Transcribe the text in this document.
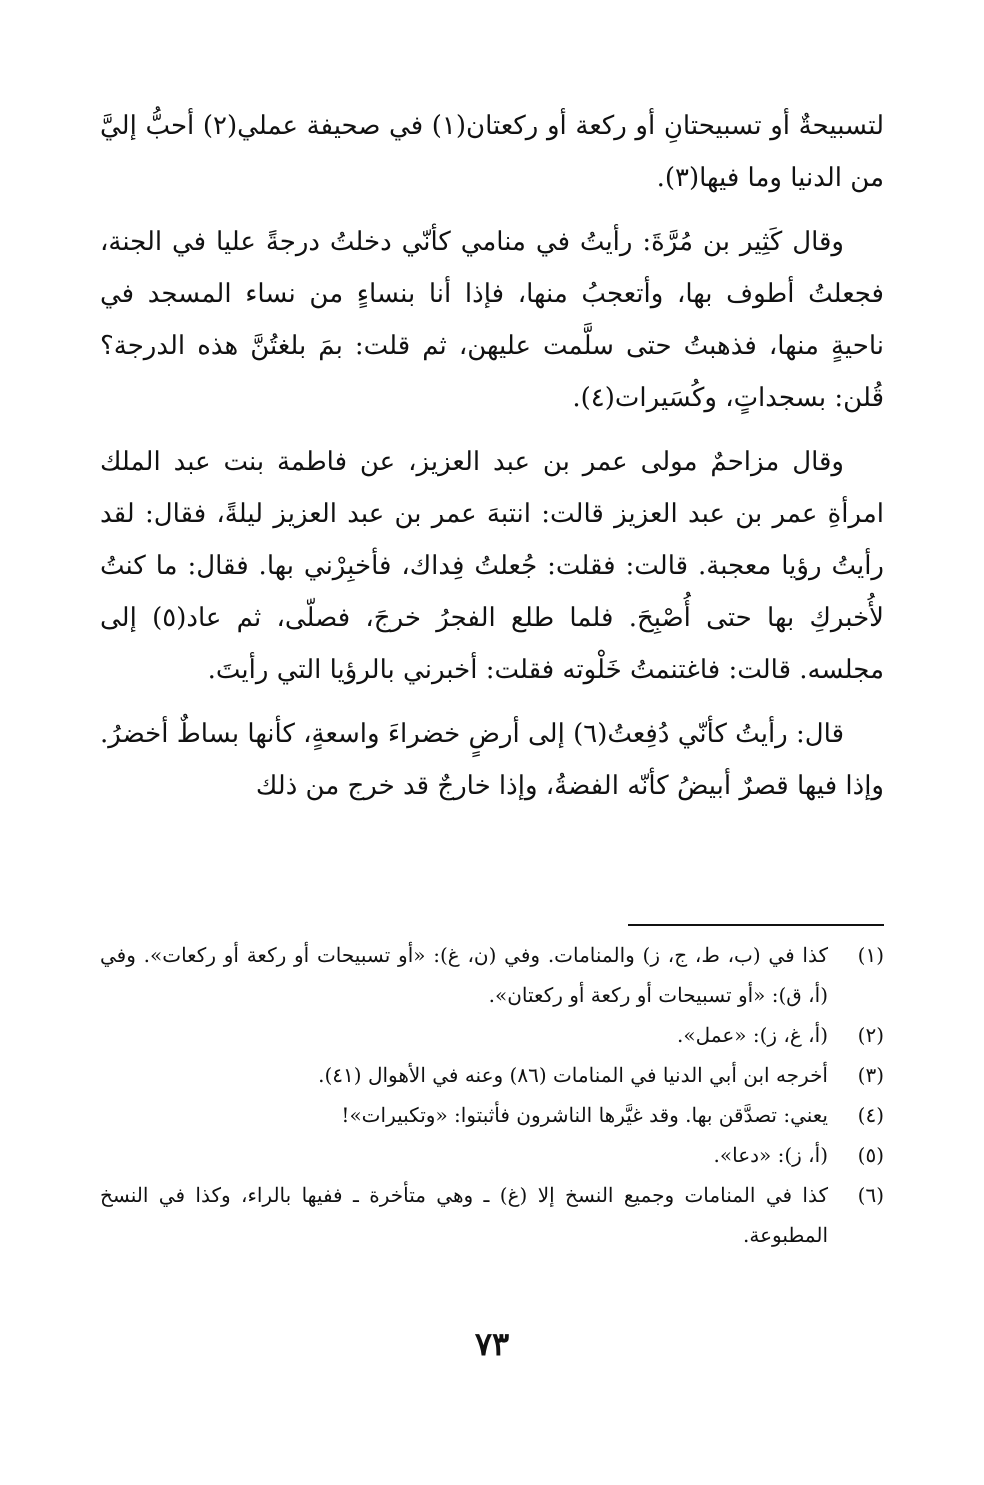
لتسبيحةٌ أو تسبيحتانِ أو ركعة أو ركعتان(١) في صحيفة عملي(٢) أحبُّ إليَّ من الدنيا وما فيها(٣).

وقال كَثِير بن مُرَّةَ: رأيتُ في منامي كأنّي دخلتُ درجةً عليا في الجنة، فجعلتُ أطوف بها، وأتعجبُ منها، فإذا أنا بنساءٍ من نساء المسجد في ناحيةٍ منها، فذهبتُ حتى سلَّمت عليهن، ثم قلت: بمَ بلغتُنَّ هذه الدرجة؟ قُلن: بسجداتٍ، وكُسَيرات(٤).

وقال مزاحمٌ مولى عمر بن عبد العزيز، عن فاطمة بنت عبد الملك امرأةِ عمر بن عبد العزيز قالت: انتبهَ عمر بن عبد العزيز ليلةً، فقال: لقد رأيتُ رؤيا معجبة. قالت: فقلت: جُعلتُ فِداك، فأخبِرْني بها. فقال: ما كنتُ لأُخبركِ بها حتى أُصْبِحَ. فلما طلع الفجرُ خرجَ، فصلّى، ثم عاد(٥) إلى مجلسه. قالت: فاغتنمتُ خَلْوته فقلت: أخبرني بالرؤيا التي رأيتَ.

قال: رأيتُ كأنّي دُفِعتُ(٦) إلى أرضٍ خضراءَ واسعةٍ، كأنها بساطٌ أخضرُ. وإذا فيها قصرٌ أبيضُ كأنّه الفضةُ، وإذا خارجٌ قد خرج من ذلك

(١)
كذا في (ب، ط، ج، ز) والمنامات. وفي (ن، غ): «أو تسبيحات أو ركعة أو ركعات». وفي (أ، ق): «أو تسبيحات أو ركعة أو ركعتان».
(٢)
(أ، غ، ز): «عمل».
(٣)
أخرجه ابن أبي الدنيا في المنامات (٨٦) وعنه في الأهوال (٤١).
(٤)
يعني: تصدَّقن بها. وقد غيَّرها الناشرون فأثبتوا: «وتكبيرات»!
(٥)
(أ، ز): «دعا».
(٦)
كذا في المنامات وجميع النسخ إلا (غ) ـ وهي متأخرة ـ ففيها بالراء، وكذا في النسخ المطبوعة.
٧٣
